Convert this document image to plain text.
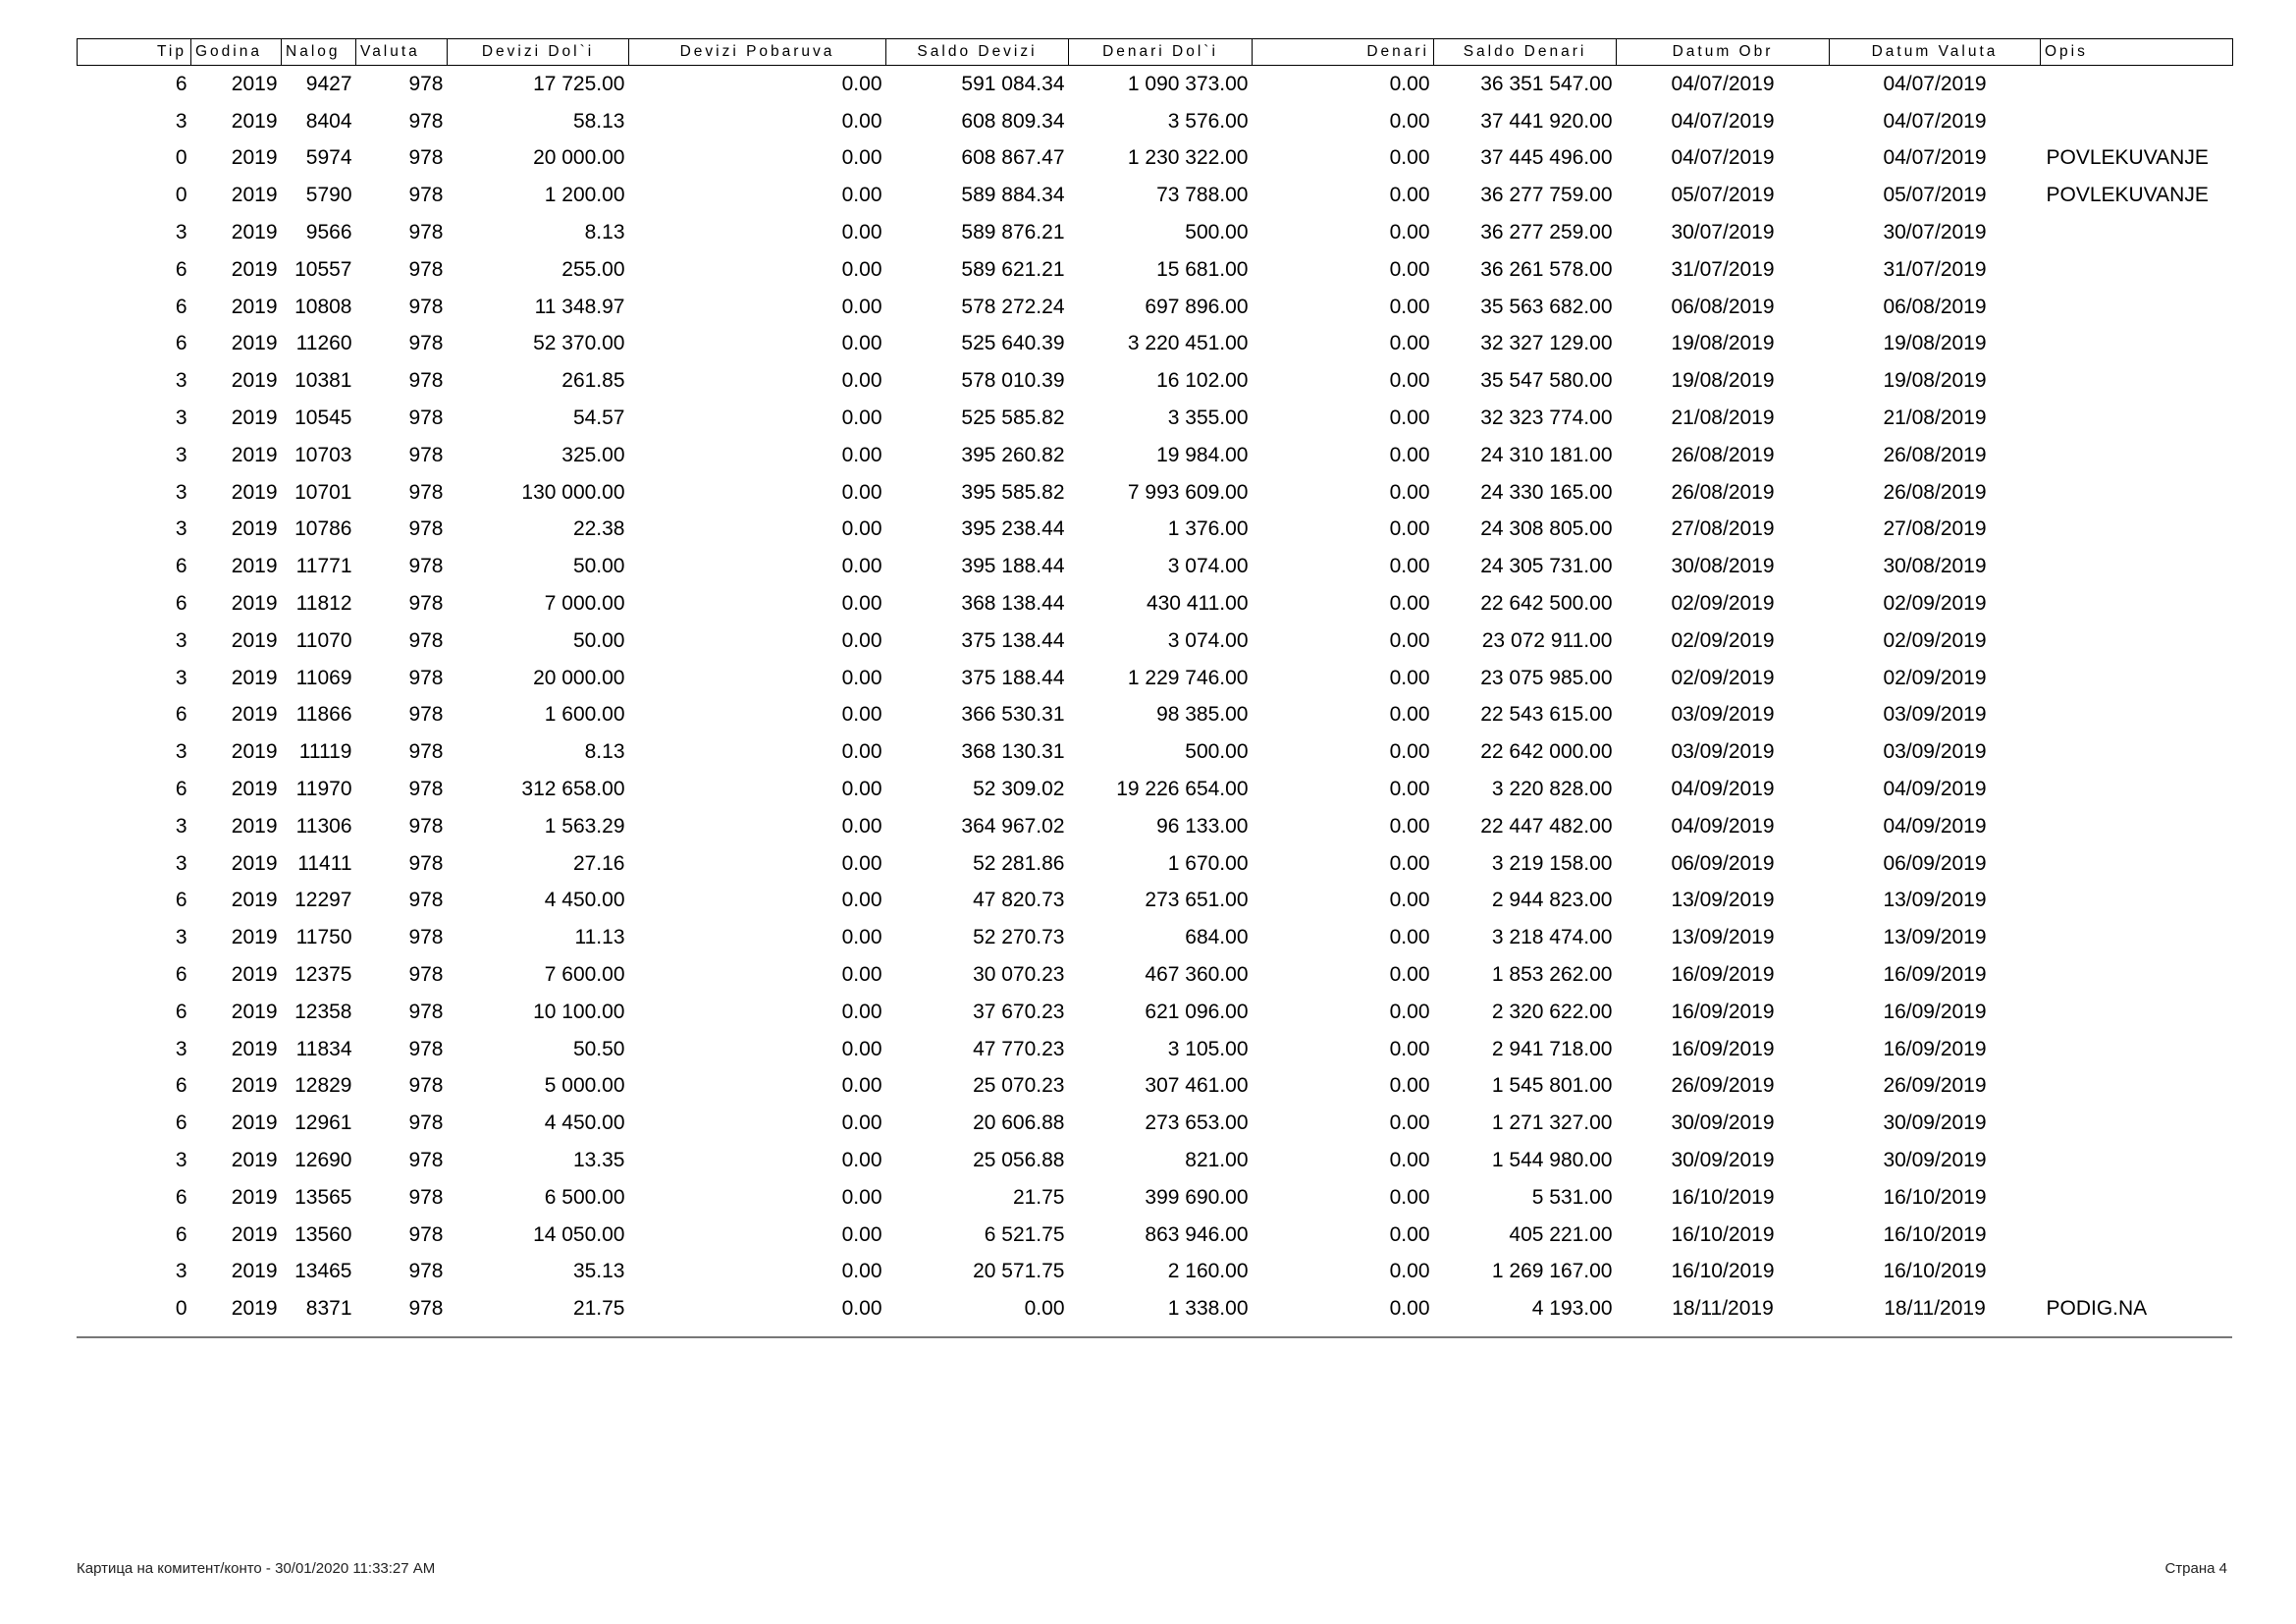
Tip	Godina	Nalog	Valuta	Devizi Dol`i	Devizi Pobaruva	Saldo Devizi	Denari Dol`i	Denari	Saldo Denari	Datum Obr	Datum Valuta	Opis
6	2019	9427	978	17 725.00	0.00	591 084.34	1 090 373.00	0.00	36 351 547.00	04/07/2019	04/07/2019	
3	2019	8404	978	58.13	0.00	608 809.34	3 576.00	0.00	37 441 920.00	04/07/2019	04/07/2019	
0	2019	5974	978	20 000.00	0.00	608 867.47	1 230 322.00	0.00	37 445 496.00	04/07/2019	04/07/2019	POVLEKUVANJE
0	2019	5790	978	1 200.00	0.00	589 884.34	73 788.00	0.00	36 277 759.00	05/07/2019	05/07/2019	POVLEKUVANJE
3	2019	9566	978	8.13	0.00	589 876.21	500.00	0.00	36 277 259.00	30/07/2019	30/07/2019	
6	2019	10557	978	255.00	0.00	589 621.21	15 681.00	0.00	36 261 578.00	31/07/2019	31/07/2019	
6	2019	10808	978	11 348.97	0.00	578 272.24	697 896.00	0.00	35 563 682.00	06/08/2019	06/08/2019	
6	2019	11260	978	52 370.00	0.00	525 640.39	3 220 451.00	0.00	32 327 129.00	19/08/2019	19/08/2019	
3	2019	10381	978	261.85	0.00	578 010.39	16 102.00	0.00	35 547 580.00	19/08/2019	19/08/2019	
3	2019	10545	978	54.57	0.00	525 585.82	3 355.00	0.00	32 323 774.00	21/08/2019	21/08/2019	
3	2019	10703	978	325.00	0.00	395 260.82	19 984.00	0.00	24 310 181.00	26/08/2019	26/08/2019	
3	2019	10701	978	130 000.00	0.00	395 585.82	7 993 609.00	0.00	24 330 165.00	26/08/2019	26/08/2019	
3	2019	10786	978	22.38	0.00	395 238.44	1 376.00	0.00	24 308 805.00	27/08/2019	27/08/2019	
6	2019	11771	978	50.00	0.00	395 188.44	3 074.00	0.00	24 305 731.00	30/08/2019	30/08/2019	
6	2019	11812	978	7 000.00	0.00	368 138.44	430 411.00	0.00	22 642 500.00	02/09/2019	02/09/2019	
3	2019	11070	978	50.00	0.00	375 138.44	3 074.00	0.00	23 072 911.00	02/09/2019	02/09/2019	
3	2019	11069	978	20 000.00	0.00	375 188.44	1 229 746.00	0.00	23 075 985.00	02/09/2019	02/09/2019	
6	2019	11866	978	1 600.00	0.00	366 530.31	98 385.00	0.00	22 543 615.00	03/09/2019	03/09/2019	
3	2019	11119	978	8.13	0.00	368 130.31	500.00	0.00	22 642 000.00	03/09/2019	03/09/2019	
6	2019	11970	978	312 658.00	0.00	52 309.02	19 226 654.00	0.00	3 220 828.00	04/09/2019	04/09/2019	
3	2019	11306	978	1 563.29	0.00	364 967.02	96 133.00	0.00	22 447 482.00	04/09/2019	04/09/2019	
3	2019	11411	978	27.16	0.00	52 281.86	1 670.00	0.00	3 219 158.00	06/09/2019	06/09/2019	
6	2019	12297	978	4 450.00	0.00	47 820.73	273 651.00	0.00	2 944 823.00	13/09/2019	13/09/2019	
3	2019	11750	978	11.13	0.00	52 270.73	684.00	0.00	3 218 474.00	13/09/2019	13/09/2019	
6	2019	12375	978	7 600.00	0.00	30 070.23	467 360.00	0.00	1 853 262.00	16/09/2019	16/09/2019	
6	2019	12358	978	10 100.00	0.00	37 670.23	621 096.00	0.00	2 320 622.00	16/09/2019	16/09/2019	
3	2019	11834	978	50.50	0.00	47 770.23	3 105.00	0.00	2 941 718.00	16/09/2019	16/09/2019	
6	2019	12829	978	5 000.00	0.00	25 070.23	307 461.00	0.00	1 545 801.00	26/09/2019	26/09/2019	
6	2019	12961	978	4 450.00	0.00	20 606.88	273 653.00	0.00	1 271 327.00	30/09/2019	30/09/2019	
3	2019	12690	978	13.35	0.00	25 056.88	821.00	0.00	1 544 980.00	30/09/2019	30/09/2019	
6	2019	13565	978	6 500.00	0.00	21.75	399 690.00	0.00	5 531.00	16/10/2019	16/10/2019	
6	2019	13560	978	14 050.00	0.00	6 521.75	863 946.00	0.00	405 221.00	16/10/2019	16/10/2019	
3	2019	13465	978	35.13	0.00	20 571.75	2 160.00	0.00	1 269 167.00	16/10/2019	16/10/2019	
0	2019	8371	978	21.75	0.00	0.00	1 338.00	0.00	4 193.00	18/11/2019	18/11/2019	PODIG.NA
Картица на комитент/конто - 30/01/2020 11:33:27 AM	Страна 4
